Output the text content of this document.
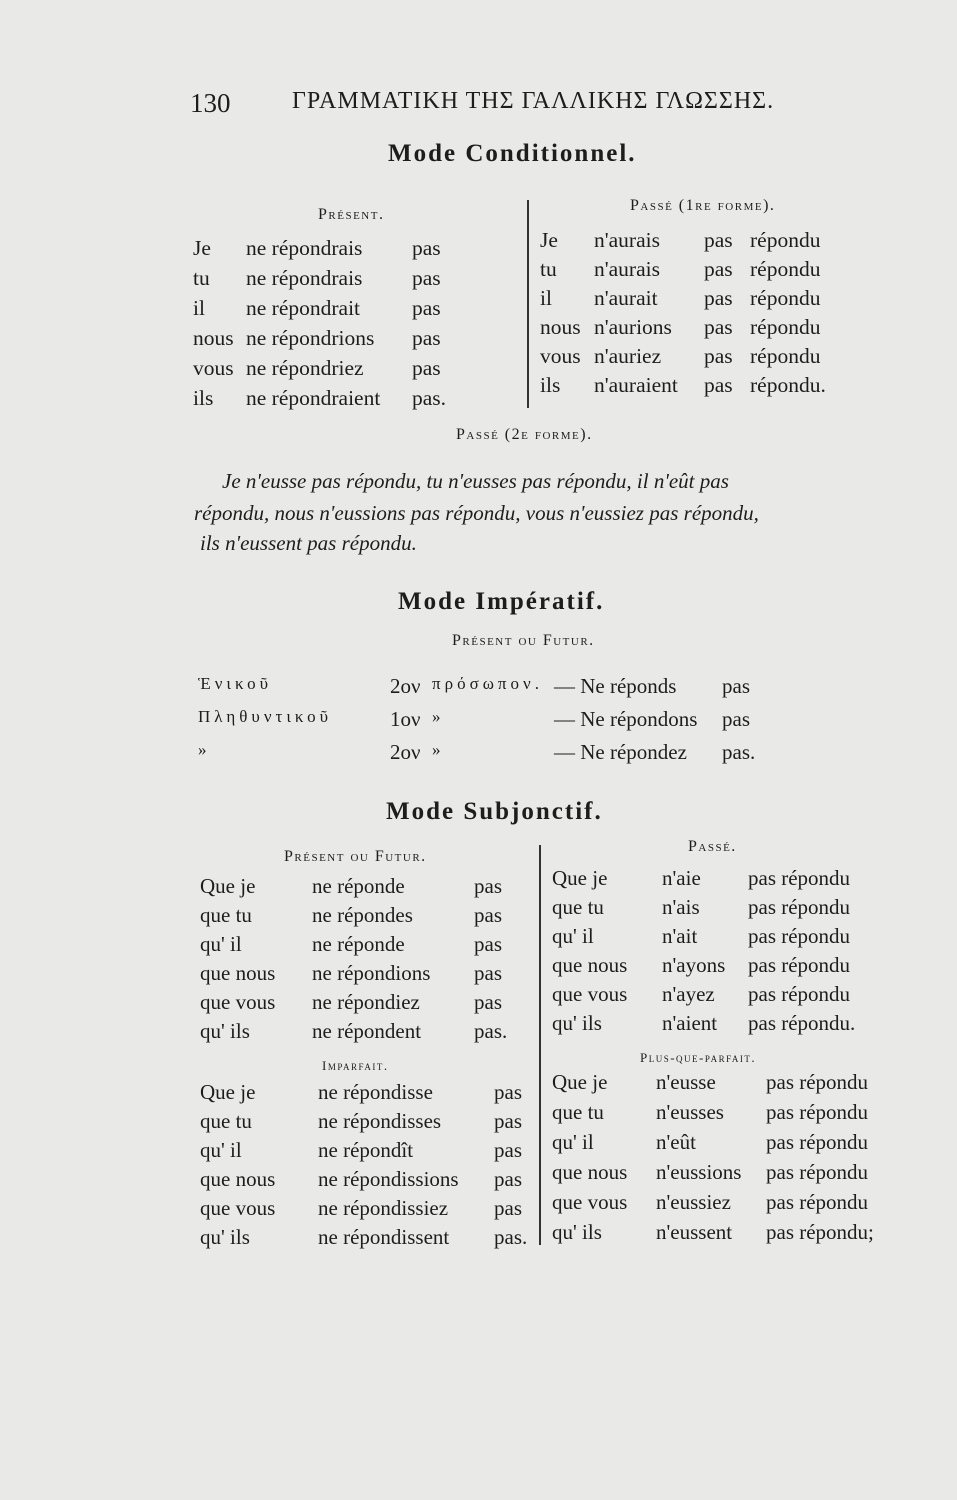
130	ΓΡΑΜΜΑΤΙΚΗ ΤΗΣ ΓΑΛΛΙΚΗΣ ΓΛΩΣΣΗΣ.
Mode Conditionnel.
Présent.
Passé (1re forme).
Je ne répondrais pas
tu ne répondrais pas
il ne répondrait pas
nous ne répondrions pas
vous ne répondriez pas
ils ne répondraient pas.
Je n'aurais pas répondu
tu n'aurais pas répondu
il n'aurait pas répondu
nous n'aurions pas répondu
vous n'auriez pas répondu
ils n'auraient pas répondu.
Passé (2e forme).
Je n'eusse pas répondu, tu n'eusses pas répondu, il n'eût pas
répondu, nous n'eussions pas répondu, vous n'eussiez pas répondu,
ils n'eussent pas répondu.
Mode Impératif.
Présent ou Futur.
Ἑνικοῦ	2ον πρόσωπον. — Ne réponds pas
Πληθυντικοῦ	1ον »	— Ne répondons pas
»	2ον »	— Ne répondez pas.
Mode Subjonctif.
Présent ou Futur.
Passé.
Que je	ne réponde	pas
que tu	ne répondes	pas
qu' il	ne réponde	pas
que nous ne répondions pas
que vous ne répondiez	pas
qu' ils	ne répondent	pas.
Que je	n'aie pas répondu
que tu	n'ais pas répondu
qu' il	n'ait pas répondu
que nous n'ayons pas répondu
que vous n'ayez pas répondu
qu' ils	n'aient pas répondu.
Imparfait.
Plus-que-parfait.
Que je	ne répondisse	pas
que tu	ne répondisses	pas
qu' il	ne répondît	pas
que nous ne répondissions pas
que vous ne répondissiez pas
qu' ils	ne répondissent pas.
Que je n'eusse pas répondu
que tu n'eusses pas répondu
qu' il	n'eût	pas répondu
que nous n'eussions pas répondu
que vous n'eussiez pas répondu
qu' ils	n'eussent pas répondu;
